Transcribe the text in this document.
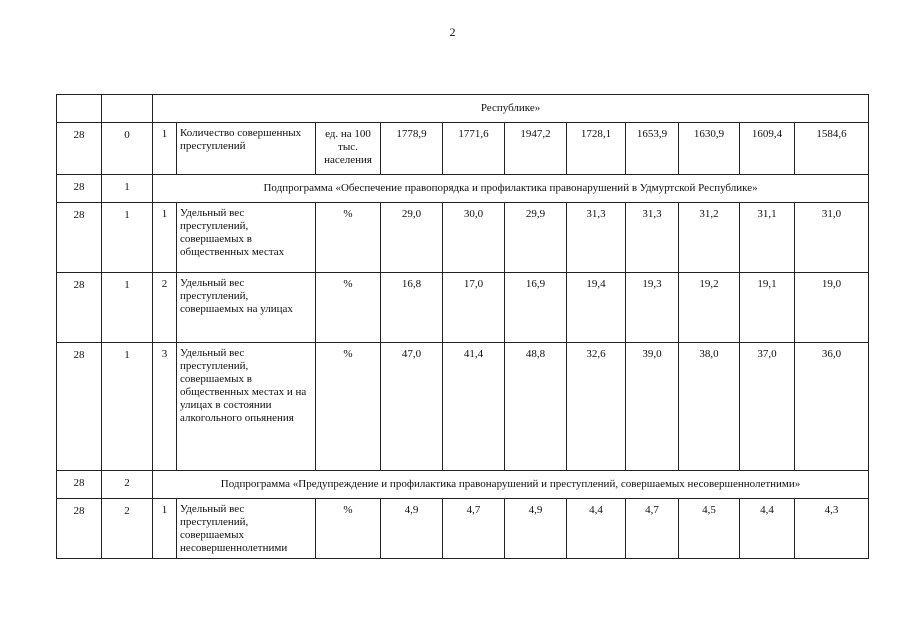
2
		Республике»										
28	0	1	Количество совершенных преступлений	ед. на 100 тыс. населения	1778,9	1771,6	1947,2	1728,1	1653,9	1630,9	1609,4	1584,6
28	1	Подпрограмма «Обеспечение правопорядка и профилактика правонарушений в Удмуртской Республике»										
28	1	1	Удельный вес преступлений, совершаемых в общественных местах	%	29,0	30,0	29,9	31,3	31,3	31,2	31,1	31,0
28	1	2	Удельный вес преступлений, совершаемых на улицах	%	16,8	17,0	16,9	19,4	19,3	19,2	19,1	19,0
28	1	3	Удельный вес преступлений, совершаемых в общественных местах и на улицах в состоянии алкогольного опьянения	%	47,0	41,4	48,8	32,6	39,0	38,0	37,0	36,0
28	2	Подпрограмма «Предупреждение и профилактика правонарушений и преступлений, совершаемых несовершеннолетними»										
28	2	1	Удельный вес преступлений, совершаемых несовершеннолетними	%	4,9	4,7	4,9	4,4	4,7	4,5	4,4	4,3
